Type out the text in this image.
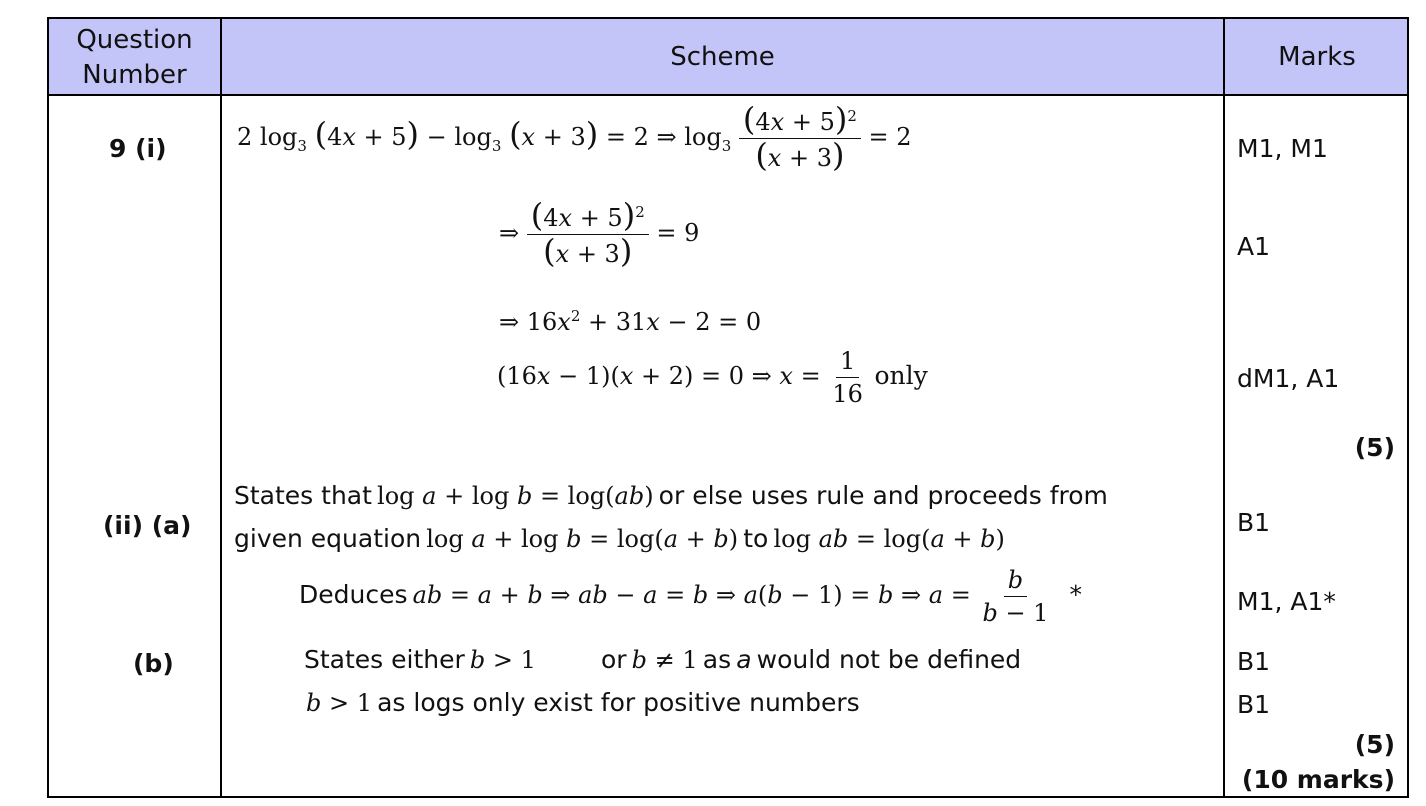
Question Number
Scheme	Marks
9 (i)
(ii) (a)
(b)
2 $\log_3 (4x + 5) - \log_3 (x + 3) = 2$ ⇒ $\log_3 \frac{(4x + 5)^2}{(x + 3)} = 2$
⇒ $\frac{(4x + 5)^2}{(x + 3)} = 9$
⇒ $16x^2 + 31x - 2 = 0$
(16x − 1)(x + 2) = 0 ⇒ $x = \frac{1}{16}$ only
States that log a + log b = log(ab) or else uses rule and proceeds from
given equation log a + log b = log(a + b) to log ab = log(a + b)
Deduces ab = a + b ⇒ ab − a = b ⇒ a(b − 1) = b ⇒ $a = \frac{b}{b - 1}$ *
States either b > 1	or b ≠ 1 as a would not be defined
b > 1 as logs only exist for positive numbers
M1, M1
A1
dM1, A1
(5)
B1
M1, A1*
B1
B1
(5)
(10 marks)
